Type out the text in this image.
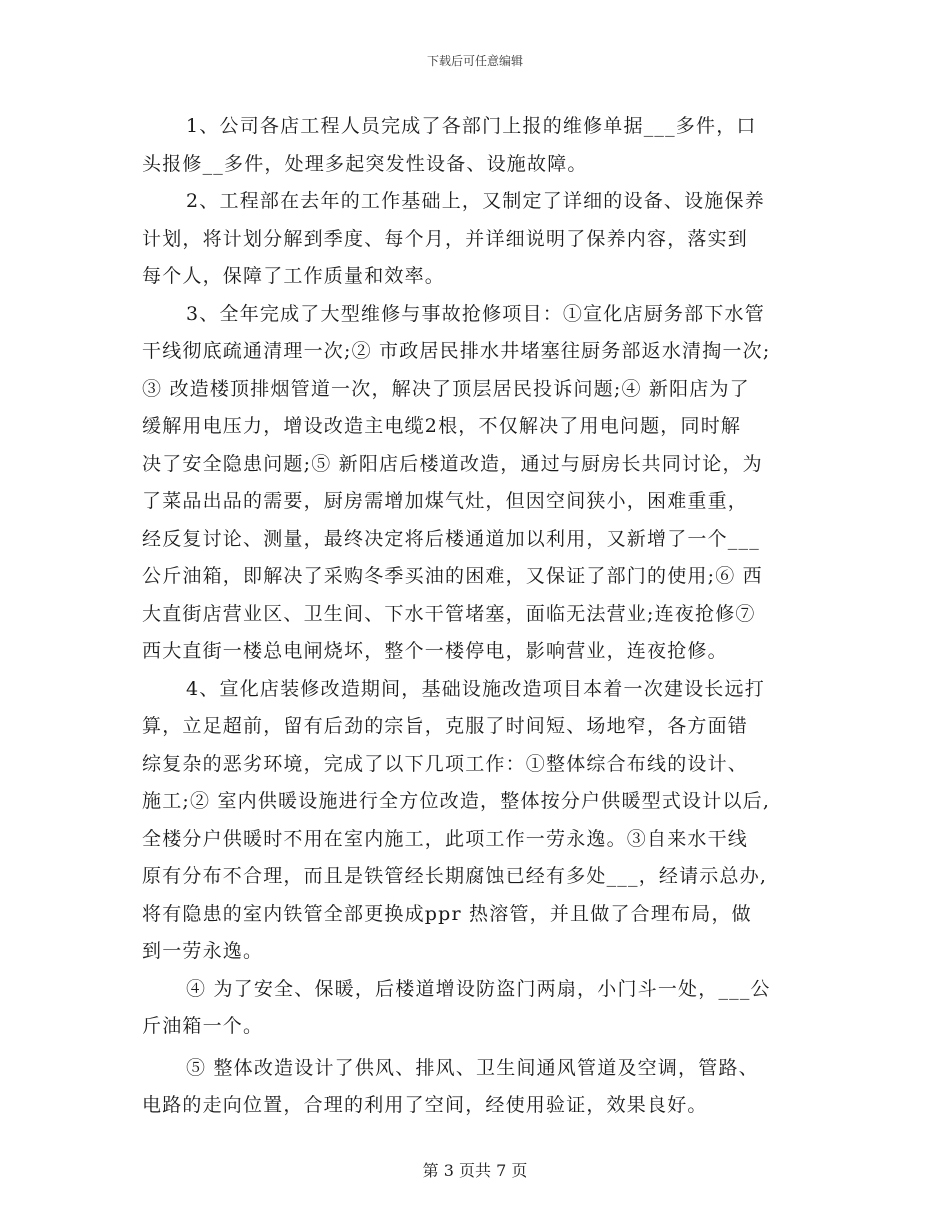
下载后可任意编辑

1、公司各店工程人员完成了各部门上报的维修单据___多件，口
头报修__多件，处理多起突发性设备、设施故障。

2、工程部在去年的工作基础上，又制定了详细的设备、设施保养
计划，将计划分解到季度、每个月，并详细说明了保养内容，落实到
每个人，保障了工作质量和效率。

3、全年完成了大型维修与事故抢修项目：①宣化店厨务部下水管
干线彻底疏通清理一次;② 市政居民排水井堵塞往厨务部返水清掏一次;
③ 改造楼顶排烟管道一次，解决了顶层居民投诉问题;④ 新阳店为了
缓解用电压力，增设改造主电缆2根，不仅解决了用电问题，同时解
决了安全隐患问题;⑤ 新阳店后楼道改造，通过与厨房长共同讨论，为
了菜品出品的需要，厨房需增加煤气灶，但因空间狭小，困难重重，
经反复讨论、测量，最终决定将后楼通道加以利用，又新增了一个___
公斤油箱，即解决了采购冬季买油的困难，又保证了部门的使用;⑥ 西
大直街店营业区、卫生间、下水干管堵塞，面临无法营业;连夜抢修⑦
西大直街一楼总电闸烧坏，整个一楼停电，影响营业，连夜抢修。

4、宣化店装修改造期间，基础设施改造项目本着一次建设长远打
算，立足超前，留有后劲的宗旨，克服了时间短、场地窄，各方面错
综复杂的恶劣环境，完成了以下几项工作：①整体综合布线的设计、
施工;② 室内供暖设施进行全方位改造，整体按分户供暖型式设计以后,
全楼分户供暖时不用在室内施工，此项工作一劳永逸。③自来水干线
原有分布不合理，而且是铁管经长期腐蚀已经有多处___，经请示总办,
将有隐患的室内铁管全部更换成ppr 热溶管，并且做了合理布局，做
到一劳永逸。

④ 为了安全、保暖，后楼道增设防盗门两扇，小门斗一处，___公
斤油箱一个。

⑤ 整体改造设计了供风、排风、卫生间通风管道及空调，管路、
电路的走向位置，合理的利用了空间，经使用验证，效果良好。

第 3 页共 7 页
